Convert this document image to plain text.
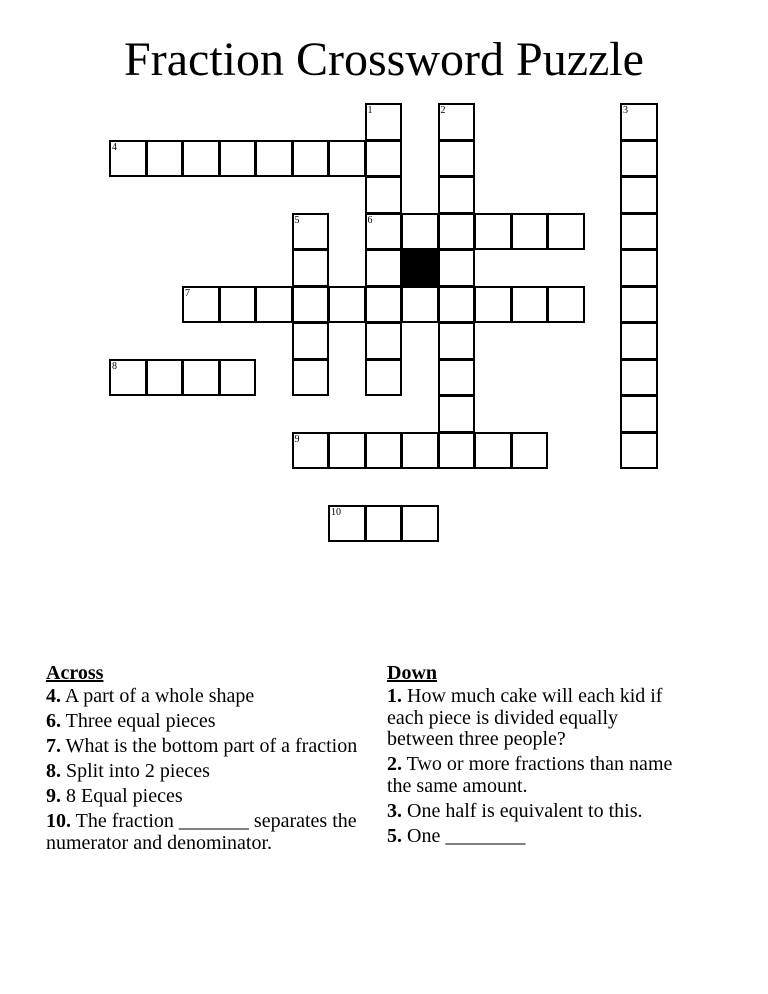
Fraction Crossword Puzzle
4
6
7
8
9
10
1	2	3
5
Across
4. A part of a whole shape
6. Three equal pieces
7. What is the bottom part of a fraction
8. Split into 2 pieces
9. 8 Equal pieces
10. The fraction _______ separates the numerator and denominator.
Down
1. How much cake will each kid if each piece is divided equally between three people?
2. Two or more fractions than name the same amount.
3. One half is equivalent to this.
5. One ________
